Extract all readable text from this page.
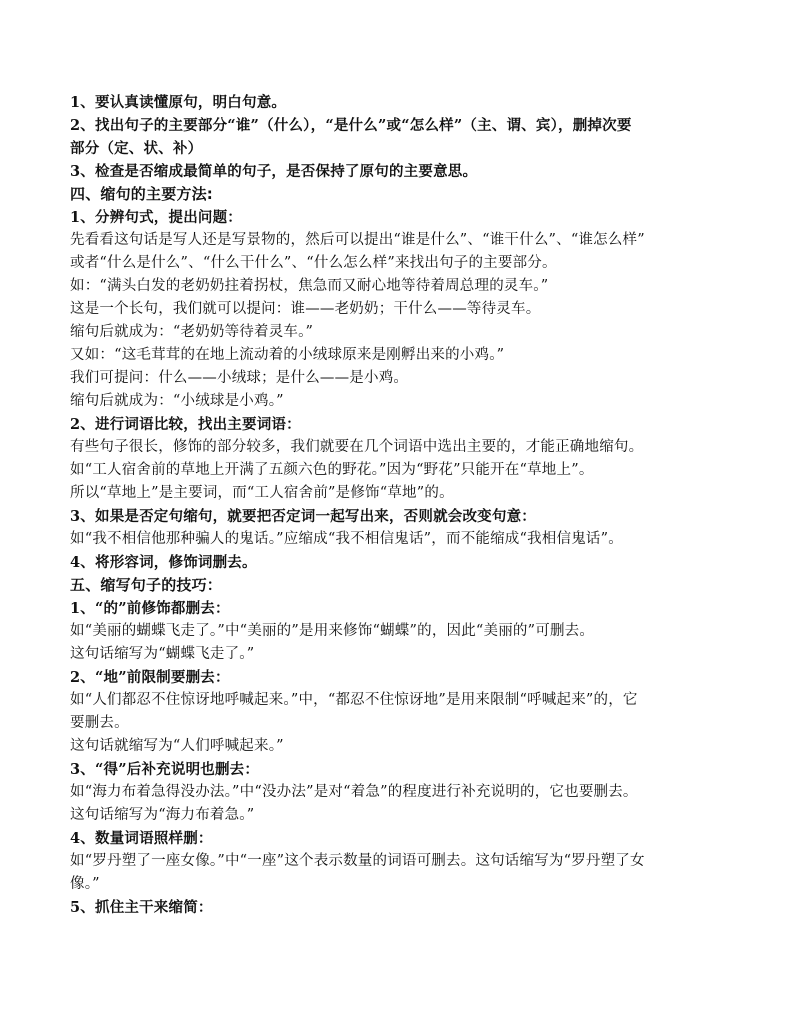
1、要认真读懂原句，明白句意。
2、找出句子的主要部分“谁”（什么），“是什么”或“怎么样”（主、谓、宾），删掉次要
部分（定、状、补）
3、检查是否缩成最简单的句子，是否保持了原句的主要意思。
四、缩句的主要方法:
1、分辨句式，提出问题：
先看看这句话是写人还是写景物的，然后可以提出“谁是什么”、“谁干什么”、“谁怎么样”
或者“什么是什么”、“什么干什么”、“什么怎么样”来找出句子的主要部分。
如：“满头白发的老奶奶拄着拐杖，焦急而又耐心地等待着周总理的灵车。”
这是一个长句，我们就可以提问：谁——老奶奶；干什么——等待灵车。
缩句后就成为：“老奶奶等待着灵车。”
又如：“这毛茸茸的在地上流动着的小绒球原来是刚孵出来的小鸡。”
我们可提问：什么——小绒球；是什么——是小鸡。
缩句后就成为：“小绒球是小鸡。”
2、进行词语比较，找出主要词语：
有些句子很长，修饰的部分较多，我们就要在几个词语中选出主要的，才能正确地缩句。
如“工人宿舍前的草地上开满了五颜六色的野花。”因为“野花”只能开在“草地上”。
所以“草地上”是主要词，而“工人宿舍前”是修饰“草地”的。
3、如果是否定句缩句，就要把否定词一起写出来，否则就会改变句意：
如“我不相信他那种骗人的鬼话。”应缩成“我不相信鬼话”，而不能缩成“我相信鬼话”。
4、将形容词，修饰词删去。
五、缩写句子的技巧：
1、“的”前修饰都删去：
如“美丽的蝴蝶飞走了。”中“美丽的”是用来修饰“蝴蝶”的，因此“美丽的”可删去。
这句话缩写为“蝴蝶飞走了。”
2、“地”前限制要删去：
如“人们都忍不住惊讶地呼喊起来。”中，“都忍不住惊讶地”是用来限制“呼喊起来”的，它
要删去。
这句话就缩写为“人们呼喊起来。”
3、“得”后补充说明也删去：
如“海力布着急得没办法。”中“没办法”是对“着急”的程度进行补充说明的，它也要删去。
这句话缩写为“海力布着急。”
4、数量词语照样删：
如“罗丹塑了一座女像。”中“一座”这个表示数量的词语可删去。这句话缩写为“罗丹塑了女
像。”
5、抓住主干来缩简：
